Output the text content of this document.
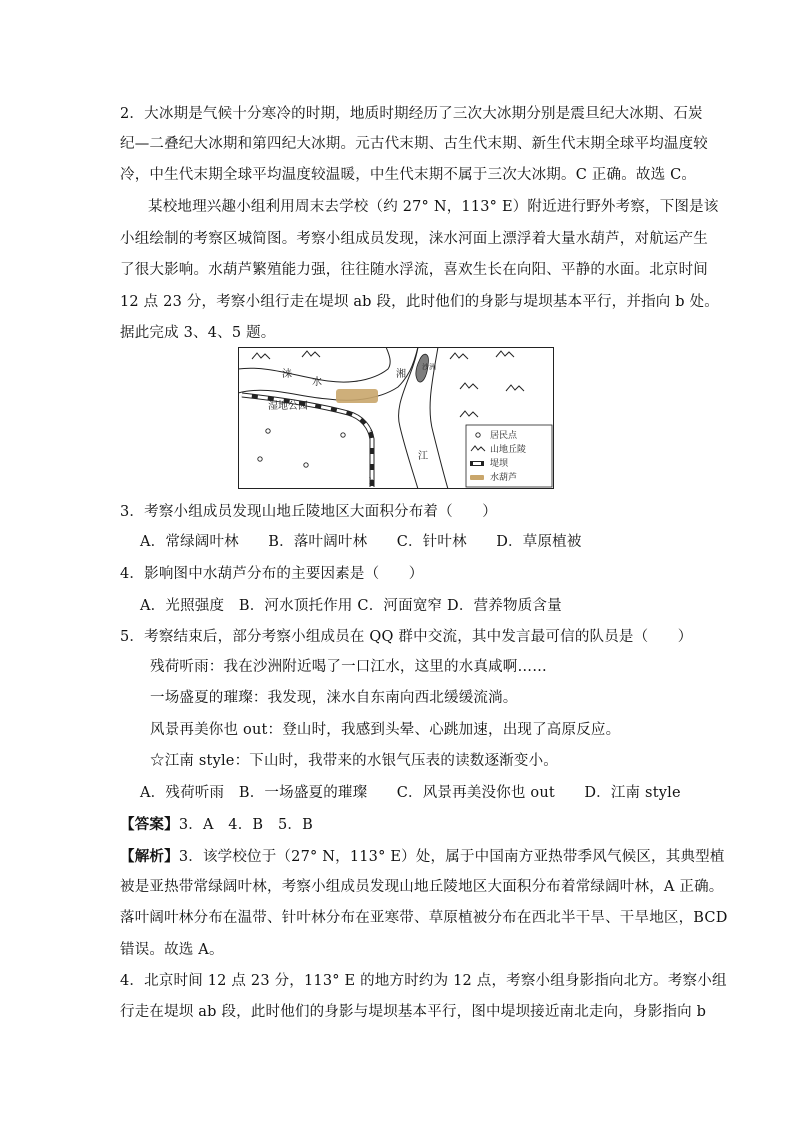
2．大冰期是气候十分寒冷的时期，地质时期经历了三次大冰期分别是震旦纪大冰期、石炭
纪—二叠纪大冰期和第四纪大冰期。元古代末期、古生代末期、新生代末期全球平均温度较
冷，中生代末期全球平均温度较温暖，中生代末期不属于三次大冰期。C 正确。故选 C。
某校地理兴趣小组利用周末去学校（约 27° N，113° E）附近进行野外考察，下图是该
小组绘制的考察区城简图。考察小组成员发现，涞水河面上漂浮着大量水葫芦，对航运产生
了很大影响。水葫芦繁殖能力强，往往随水浮流，喜欢生长在向阳、平静的水面。北京时间
12 点 23 分，考察小组行走在堤坝 ab 段，此时他们的身影与堤坝基本平行，并指向 b 处。
据此完成 3、4、5 题。
涞
水
湿地公园
湘
江
沙洲
a
b
居民点
山地丘陵
堤坝
水葫芦
3．考察小组成员发现山地丘陵地区大面积分布着（　　）
A．常绿阔叶林　　B．落叶阔叶林　　C．针叶林　　D．草原植被
4．影响图中水葫芦分布的主要因素是（　　）
A．光照强度　B．河水顶托作用 C．河面宽窄 D．营养物质含量
5．考察结束后，部分考察小组成员在 QQ 群中交流，其中发言最可信的队员是（　　）
残荷听雨：我在沙洲附近喝了一口江水，这里的水真咸啊……
一场盛夏的璀璨：我发现，涞水自东南向西北缓缓流淌。
风景再美你也 out：登山时，我感到头晕、心跳加速，出现了高原反应。
☆江南 style：下山时，我带来的水银气压表的读数逐渐变小。
A．残荷听雨　B．一场盛夏的璀璨　　C．风景再美没你也 out　　D．江南 style
【答案】3．A　4．B　5．B
【解析】3．该学校位于（27° N，113° E）处，属于中国南方亚热带季风气候区，其典型植
被是亚热带常绿阔叶林，考察小组成员发现山地丘陵地区大面积分布着常绿阔叶林，A 正确。
落叶阔叶林分布在温带、针叶林分布在亚寒带、草原植被分布在西北半干旱、干旱地区，BCD
错误。故选 A。
4．北京时间 12 点 23 分，113° E 的地方时约为 12 点，考察小组身影指向北方。考察小组
行走在堤坝 ab 段，此时他们的身影与堤坝基本平行，图中堤坝接近南北走向，身影指向 b
